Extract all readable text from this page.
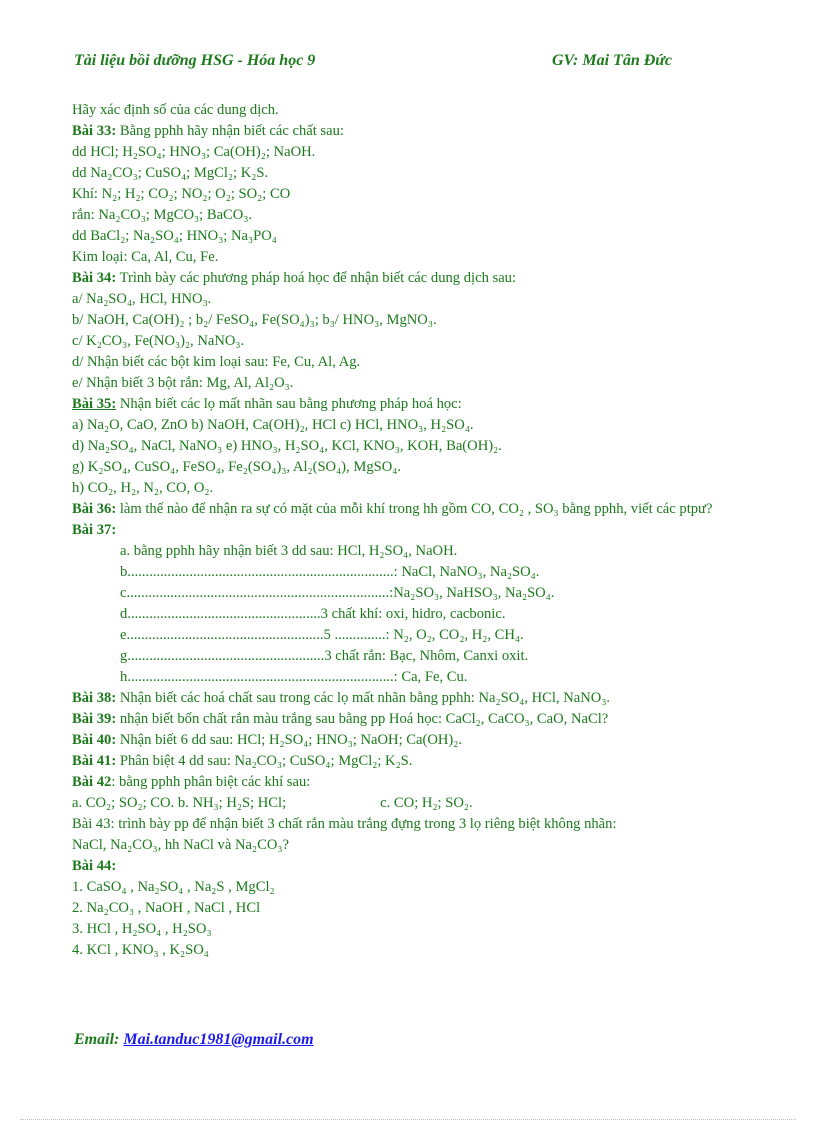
Tài liệu bồi dưỡng HSG - Hóa học 9	GV: Mai Tân Đức
Hãy xác định số của các dung dịch.
Bài 33: Bằng pphh hãy nhận biết các chất sau:
dd HCl; H₂SO₄; HNO₃; Ca(OH)₂; NaOH.
dd Na₂CO₃; CuSO₄; MgCl₂; K₂S.
Khí: N₂; H₂; CO₂; NO₂; O₂; SO₂; CO
rắn: Na₂CO₃; MgCO₃; BaCO₃.
dd BaCl₂; Na₂SO₄; HNO₃; Na₃PO₄
Kim loại: Ca, Al, Cu, Fe.
Bài 34: Trình bày các phương pháp hoá học để nhận biết các dung dịch sau:
a/ Na₂SO₄, HCl, HNO₃.
b/ NaOH, Ca(OH)₂ ; b₂/ FeSO₄, Fe(SO₄)₃; b₃/ HNO₃, MgNO₃.
c/ K₂CO₃, Fe(NO₃)₂, NaNO₃.
d/ Nhận biết các bột kim loại sau: Fe, Cu, Al, Ag.
e/ Nhận biết 3 bột rắn: Mg, Al, Al₂O₃.
Bài 35: Nhận biết các lọ mất nhãn sau bằng phương pháp hoá học:
a) Na₂O, CaO, ZnO b) NaOH, Ca(OH)₂, HCl c) HCl, HNO₃, H₂SO₄.
d) Na₂SO₄, NaCl, NaNO₃ e) HNO₃, H₂SO₄, KCl, KNO₃, KOH, Ba(OH)₂.
g) K₂SO₄, CuSO₄, FeSO₄, Fe₂(SO₄)₃, Al₂(SO₄), MgSO₄.
h) CO₂, H₂, N₂, CO, O₂.
Bài 36: làm thế nào để nhận ra sự có mặt của mỗi khí trong hh gồm CO, CO₂ , SO₃ bằng pphh, viết các ptpư?
Bài 37:
a. bằng pphh hãy nhận biết 3 dd sau: HCl, H₂SO₄, NaOH.
b.........................................................................: NaCl, NaNO₃, Na₂SO₄.
c........................................................................:Na₂SO₃, NaHSO₃, Na₂SO₄.
d.....................................................3 chất khí: oxi, hidro, cacbonic.
e......................................................5 ..............: N₂, O₂, CO₂, H₂, CH₄.
g......................................................3 chất rắn: Bạc, Nhôm, Canxi oxit.
h.........................................................................: Ca, Fe, Cu.
Bài 38: Nhận biết các hoá chất sau trong các lọ mất nhãn bằng pphh: Na₂SO₄, HCl, NaNO₃.
Bài 39: nhận biết bốn chất rắn màu trắng sau bằng pp Hoá học: CaCl₂, CaCO₃, CaO, NaCl?
Bài 40: Nhận biết 6 dd sau: HCl; H₂SO₄; HNO₃; NaOH; Ca(OH)₂.
Bài 41: Phân biệt 4 dd sau: Na₂CO₃; CuSO₄; MgCl₂; K₂S.
Bài 42: bằng pphh phân biệt các khí sau:
a. CO₂; SO₂; CO. b. NH₃; H₂S; HCl;	c. CO; H₂; SO₂.
Bài 43: trình bày pp để nhận biết 3 chất rắn màu trắng đựng trong 3 lọ riêng biệt không nhãn:
NaCl, Na₂CO₃, hh NaCl và Na₂CO₃?
Bài 44:
1. CaSO₄ , Na₂SO₄ , Na₂S , MgCl₂
2. Na₂CO₃ , NaOH , NaCl , HCl
3. HCl , H₂SO₄ , H₂SO₃
4. KCl , KNO₃ , K₂SO₄
Email: Mai.tanduc1981@gmail.com
